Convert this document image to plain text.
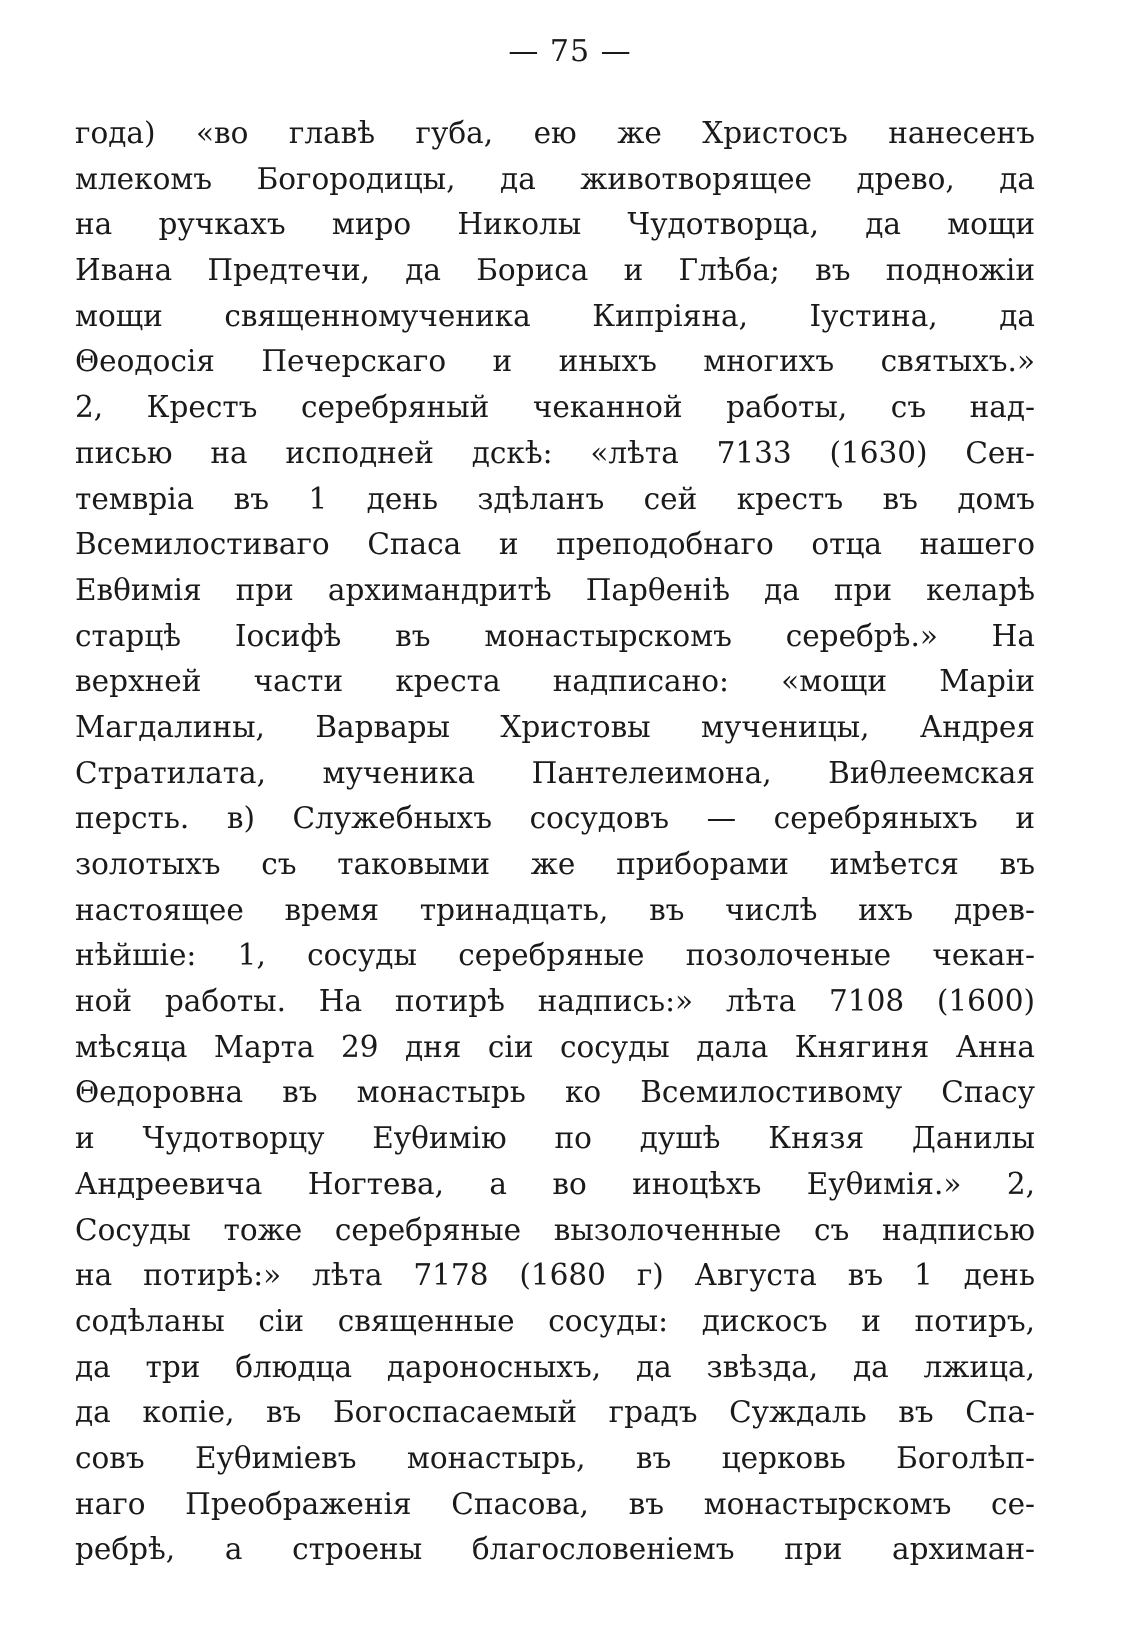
— 75 —
года) «во главѣ губа, ею же Христосъ нанесенъ
млекомъ Богородицы, да животворящее древо, да
на ручкахъ миро Николы Чудотворца, да мощи
Ивана Предтечи, да Бориса и Глѣба; въ подножіи
мощи священномученика Кипріяна, Іустина, да
Θеодосія Печерскаго и иныхъ многихъ святыхъ.»
2, Крестъ серебряный чеканной работы, съ над-
писью на исподней дскѣ: «лѣта 7133 (1630) Сен-
темвріа въ 1 день здѣланъ сей крестъ въ домъ
Всемилостиваго Спаса и преподобнаго отца нашего
Евθимія при архимандритѣ Парθеніѣ да при келарѣ
старцѣ Іосифѣ въ монастырскомъ серебрѣ.» На
верхней части креста надписано: «мощи Маріи
Магдалины, Варвары Христовы мученицы, Андрея
Стратилата, мученика Пантелеимона, Виθлеемская
персть. в) Служебныхъ сосудовъ — серебряныхъ и
золотыхъ съ таковыми же приборами имѣется въ
настоящее время тринадцать, въ числѣ ихъ древ-
нѣйшіе: 1, сосуды серебряные позолоченые чекан-
ной работы. На потирѣ надпись:» лѣта 7108 (1600)
мѣсяца Марта 29 дня сіи сосуды дала Княгиня Анна
Θедоровна въ монастырь ко Всемилостивому Спасу
и Чудотворцу Еуθимію по душѣ Князя Данилы
Андреевича Ногтева, а во иноцѣхъ Еуθимія.» 2,
Сосуды тоже серебряные вызолоченные съ надписью
на потирѣ:» лѣта 7178 (1680 г) Августа въ 1 день
содѣланы сіи священные сосуды: дискосъ и потиръ,
да три блюдца дароносныхъ, да звѣзда, да лжица,
да копіе, въ Богоспасаемый градъ Суждаль въ Спа-
совъ Еуθиміевъ монастырь, въ церковь Боголѣп-
наго Преображенія Спасова, въ монастырскомъ се-
ребрѣ, а строены благословеніемъ при архиман-
